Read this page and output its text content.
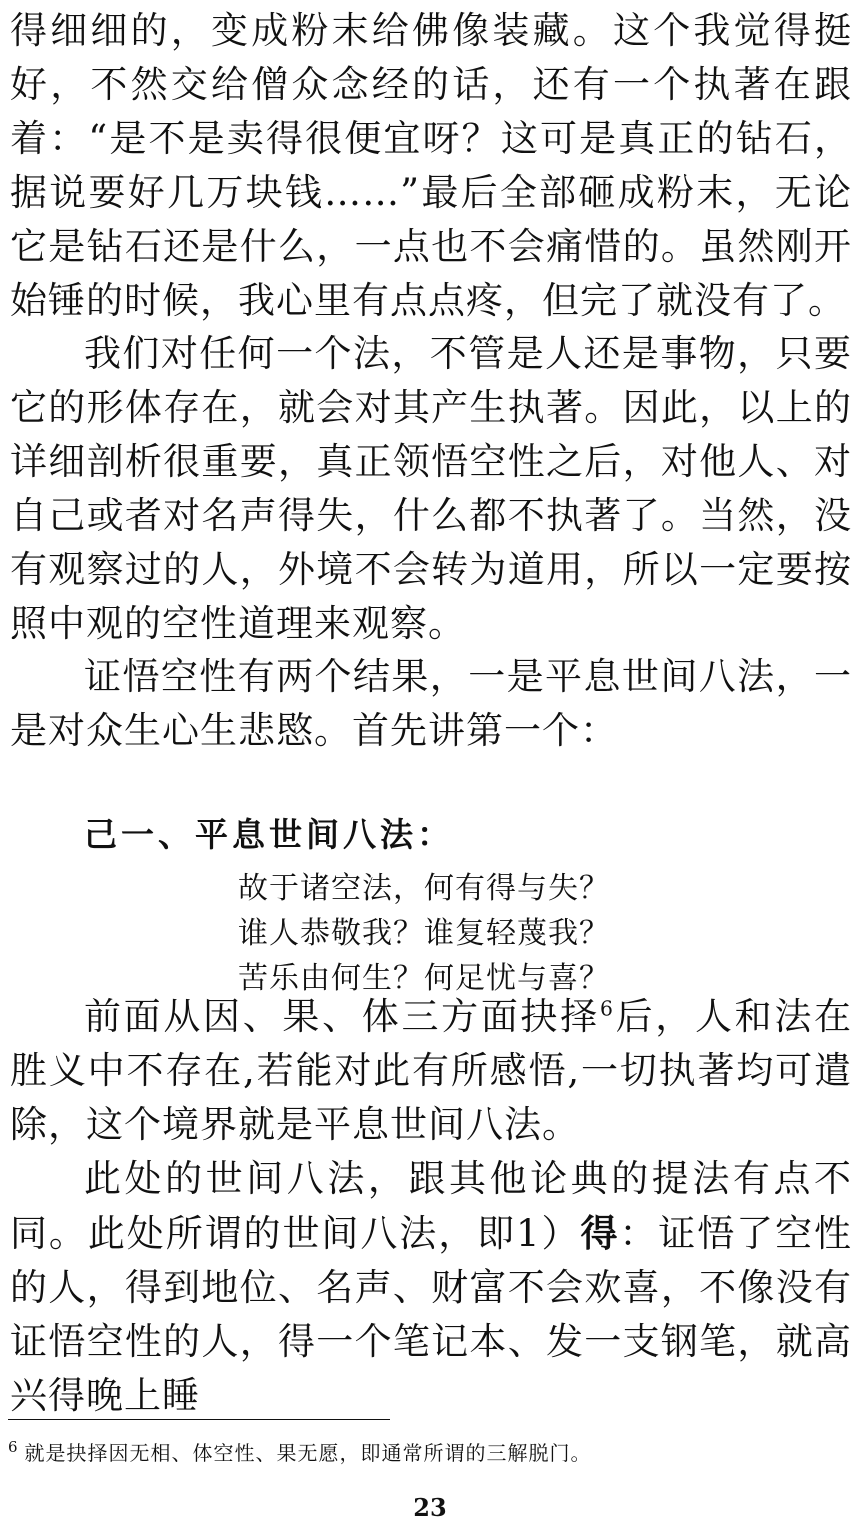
得细细的，变成粉末给佛像装藏。这个我觉得挺好，不然交给僧众念经的话，还有一个执著在跟着：“是不是卖得很便宜呀？这可是真正的钻石，据说要好几万块钱……”最后全部砸成粉末，无论它是钻石还是什么，一点也不会痛惜的。虽然刚开始锤的时候，我心里有点点疼，但完了就没有了。

我们对任何一个法，不管是人还是事物，只要它的形体存在，就会对其产生执著。因此，以上的详细剖析很重要，真正领悟空性之后，对他人、对自己或者对名声得失，什么都不执著了。当然，没有观察过的人，外境不会转为道用，所以一定要按照中观的空性道理来观察。

证悟空性有两个结果，一是平息世间八法，一是对众生心生悲愍。首先讲第一个：

己一、平息世间八法：
故于诸空法，何有得与失？
谁人恭敬我？谁复轻蔑我？
苦乐由何生？何足忧与喜？

前面从因、果、体三方面抉择$^6$后，人和法在胜义中不存在,若能对此有所感悟,一切执著均可遣除，这个境界就是平息世间八法。

此处的世间八法，跟其他论典的提法有点不同。此处所谓的世间八法，即1）得：证悟了空性的人，得到地位、名声、财富不会欢喜，不像没有证悟空性的人，得一个笔记本、发一支钢笔，就高兴得晚上睡

$^6$ 就是抉择因无相、体空性、果无愿，即通常所谓的三解脱门。
23
